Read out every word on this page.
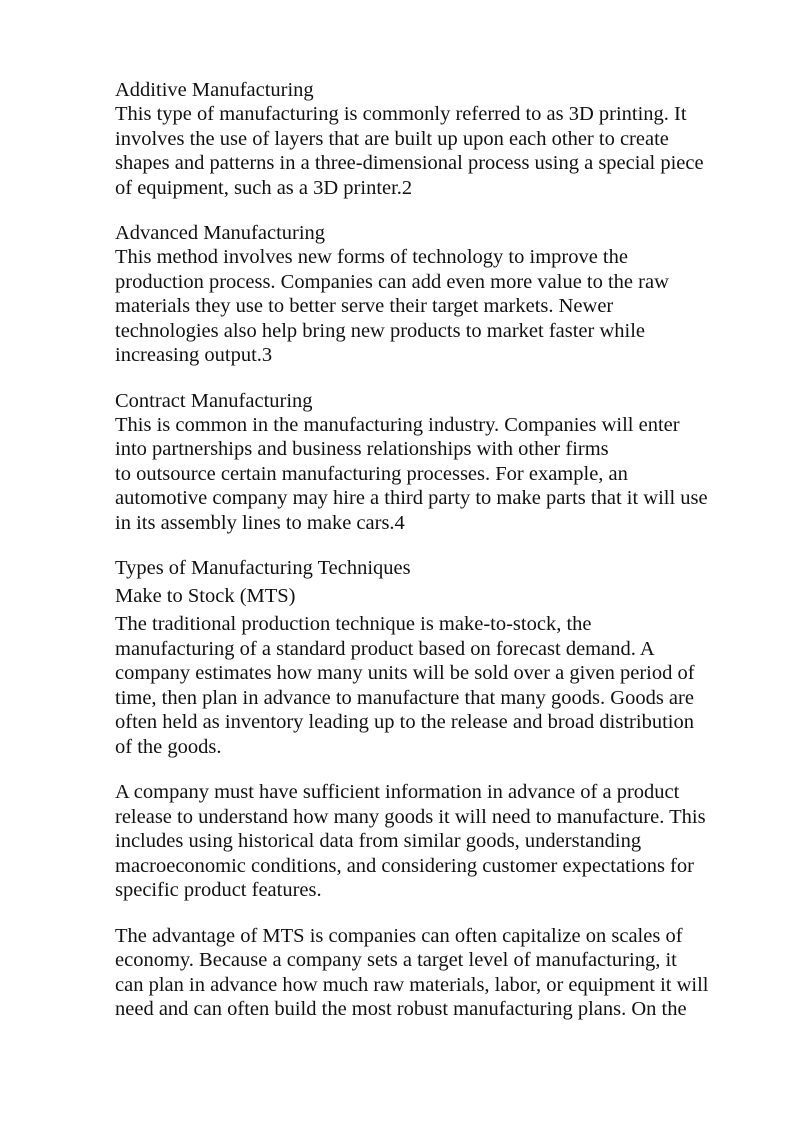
Additive Manufacturing

This type of manufacturing is commonly referred to as 3D printing. It
involves the use of layers that are built up upon each other to create
shapes and patterns in a three-dimensional process using a special piece
of equipment, such as a 3D printer.2

Advanced Manufacturing

This method involves new forms of technology to improve the
production process. Companies can add even more value to the raw
materials they use to better serve their target markets. Newer
technologies also help bring new products to market faster while
increasing output.3

Contract Manufacturing

This is common in the manufacturing industry. Companies will enter
into partnerships and business relationships with other firms
to outsource certain manufacturing processes. For example, an
automotive company may hire a third party to make parts that it will use
in its assembly lines to make cars.4

Types of Manufacturing Techniques
Make to Stock (MTS)

The traditional production technique is make-to-stock, the
manufacturing of a standard product based on forecast demand. A
company estimates how many units will be sold over a given period of
time, then plan in advance to manufacture that many goods. Goods are
often held as inventory leading up to the release and broad distribution
of the goods.

A company must have sufficient information in advance of a product
release to understand how many goods it will need to manufacture. This
includes using historical data from similar goods, understanding
macroeconomic conditions, and considering customer expectations for
specific product features.

The advantage of MTS is companies can often capitalize on scales of
economy. Because a company sets a target level of manufacturing, it
can plan in advance how much raw materials, labor, or equipment it will
need and can often build the most robust manufacturing plans. On the
